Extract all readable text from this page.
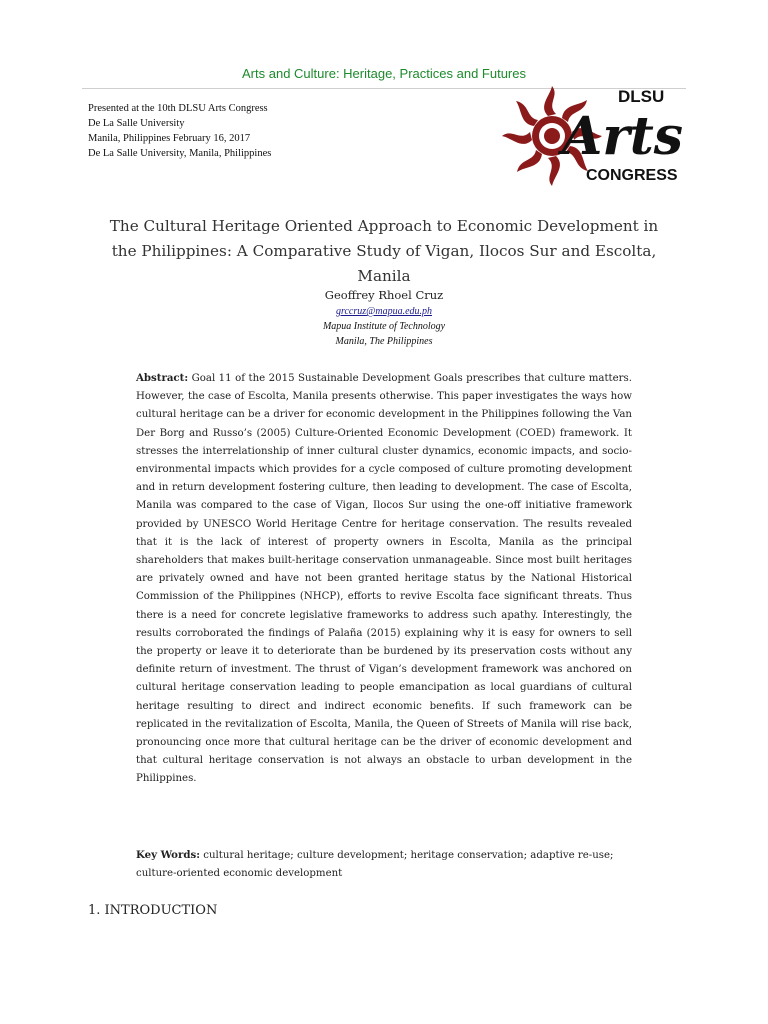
Arts and Culture: Heritage, Practices and Futures
Presented at the 10th DLSU Arts Congress
De La Salle University
Manila, Philippines February 16, 2017
De La Salle University, Manila, Philippines
DLSU
Arts
CONGRESS
The Cultural Heritage Oriented Approach to Economic Development in
the Philippines: A Comparative Study of Vigan, Ilocos Sur and Escolta,
Manila
Geoffrey Rhoel Cruz
grccruz@mapua.edu.ph
Mapua Institute of Technology
Manila, The Philippines
Abstract: Goal 11 of the 2015 Sustainable Development Goals prescribes that culture matters. However, the case of Escolta, Manila presents otherwise. This paper investigates the ways how cultural heritage can be a driver for economic development in the Philippines following the Van Der Borg and Russo’s (2005) Culture-Oriented Economic Development (COED) framework. It stresses the interrelationship of inner cultural cluster dynamics, economic impacts, and socio-environmental impacts which provides for a cycle composed of culture promoting development and in return development fostering culture, then leading to development. The case of Escolta, Manila was compared to the case of Vigan, Ilocos Sur using the one-off initiative framework provided by UNESCO World Heritage Centre for heritage conservation. The results revealed that it is the lack of interest of property owners in Escolta, Manila as the principal shareholders that makes built-heritage conservation unmanageable. Since most built heritages are privately owned and have not been granted heritage status by the National Historical Commission of the Philippines (NHCP), efforts to revive Escolta face significant threats. Thus there is a need for concrete legislative frameworks to address such apathy. Interestingly, the results corroborated the findings of Palaña (2015) explaining why it is easy for owners to sell the property or leave it to deteriorate than be burdened by its preservation costs without any definite return of investment. The thrust of Vigan’s development framework was anchored on cultural heritage conservation leading to people emancipation as local guardians of cultural heritage resulting to direct and indirect economic benefits. If such framework can be replicated in the revitalization of Escolta, Manila, the Queen of Streets of Manila will rise back, pronouncing once more that cultural heritage can be the driver of economic development and that cultural heritage conservation is not always an obstacle to urban development in the Philippines.
Key Words: cultural heritage; culture development; heritage conservation; adaptive re-use; culture-oriented economic development
1. INTRODUCTION
